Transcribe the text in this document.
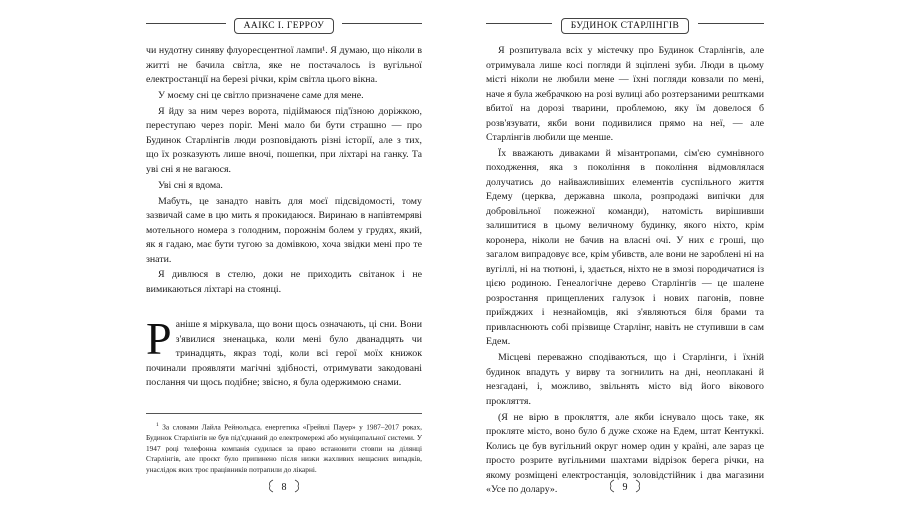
ААІКС І. ГЕРРОУ

чи нудотну синяву флуоресцентної лампи¹. Я думаю, що ніколи в житті не бачила світла, яке не постачалось із вугільної електростанції на березі річки, крім світла цього вікна.

У моєму сні це світло призначене саме для мене.

Я йду за ним через ворота, підіймаюся під'їзною доріжкою, переступаю через поріг. Мені мало би бути страшно — про Будинок Старлінгів люди розповідають різні історії, але з тих, що їх розказують лише вночі, пошепки, при ліхтарі на ганку. Та уві сні я не вагаюся.

Уві сні я вдома.

Мабуть, це занадто навіть для моєї підсвідомості, тому зазвичай саме в цю мить я прокидаюся. Виринаю в напівтемряві мотельного номера з голодним, порожнім болем у грудях, який, як я гадаю, має бути тугою за домівкою, хоча звідки мені про те знати.

Я дивлюся в стелю, доки не приходить світанок і не вимикаються ліхтарі на стоянці.

Р аніше я міркувала, що вони щось означають, ці сни. Вони з'явилися зненацька, коли мені було дванадцять чи тринадцять, якраз тоді, коли всі герої моїх книжок починали проявляти магічні здібності, отримувати закодовані послання чи щось подібне; звісно, я була одержимою снами.
$^1$ За словами Лайла Рейнольдса, енергетика «Грейвлі Пауер» у 1987–2017 роках, Будинок Старлінгів не був під'єднаний до електромережі або муніципальної системи. У 1947 році телефонна компанія судилася за право встановити стовпи на ділянці Старлінгів, але проєкт було припинено після низки жахливих нещасних випадків, унаслідок яких троє працівників потрапили до лікарні.
8
БУДИНОК СТАРЛІНГІВ

Я розпитувала всіх у містечку про Будинок Старлінгів, але отримувала лише косі погляди й зціплені зуби. Люди в цьому місті ніколи не любили мене — їхні погляди ковзали по мені, наче я була жебрачкою на розі вулиці або розтерзаними рештками вбитої на дорозі тварини, проблемою, яку їм довелося б розв'язувати, якби вони подивилися прямо на неї, — але Старлінгів любили ще менше.

Їх вважають диваками й мізантропами, сім'єю сумнівного походження, яка з покоління в покоління відмовлялася долучатись до найважливіших елементів суспільного життя Едему (церква, державна школа, розпродажі випічки для добровільної пожежної команди), натомість вирішивши залишитися в цьому величному будинку, якого ніхто, крім коронера, ніколи не бачив на власні очі. У них є гроші, що загалом випрадовує все, крім убивств, але вони не зароблені ні на вугіллі, ні на тютюні, і, здається, ніхто не в змозі породичатися із цією родиною. Генеалогічне дерево Старлінгів — це шалене розростання прищеплених галузок і нових пагонів, повне приїжджих і незнайомців, які з'являються біля брами та привласнюють собі прізвище Старлінг, навіть не ступивши в сам Едем.

Місцеві переважно сподіваються, що і Старлінги, і їхній будинок впадуть у вирву та зогнилить на дні, неоплакані й незгадані, і, можливо, звільнять місто від його вікового прокляття.

(Я не вірю в прокляття, але якби існувало щось таке, як прокляте місто, воно було б дуже схоже на Едем, штат Кентуккі. Колись це був вугільний округ номер один у країні, але зараз це просто розрите вугільними шахтами відрізок берега річки, на якому розміщені електростанція, золовідстійник і два магазини «Усе по долару».	9
